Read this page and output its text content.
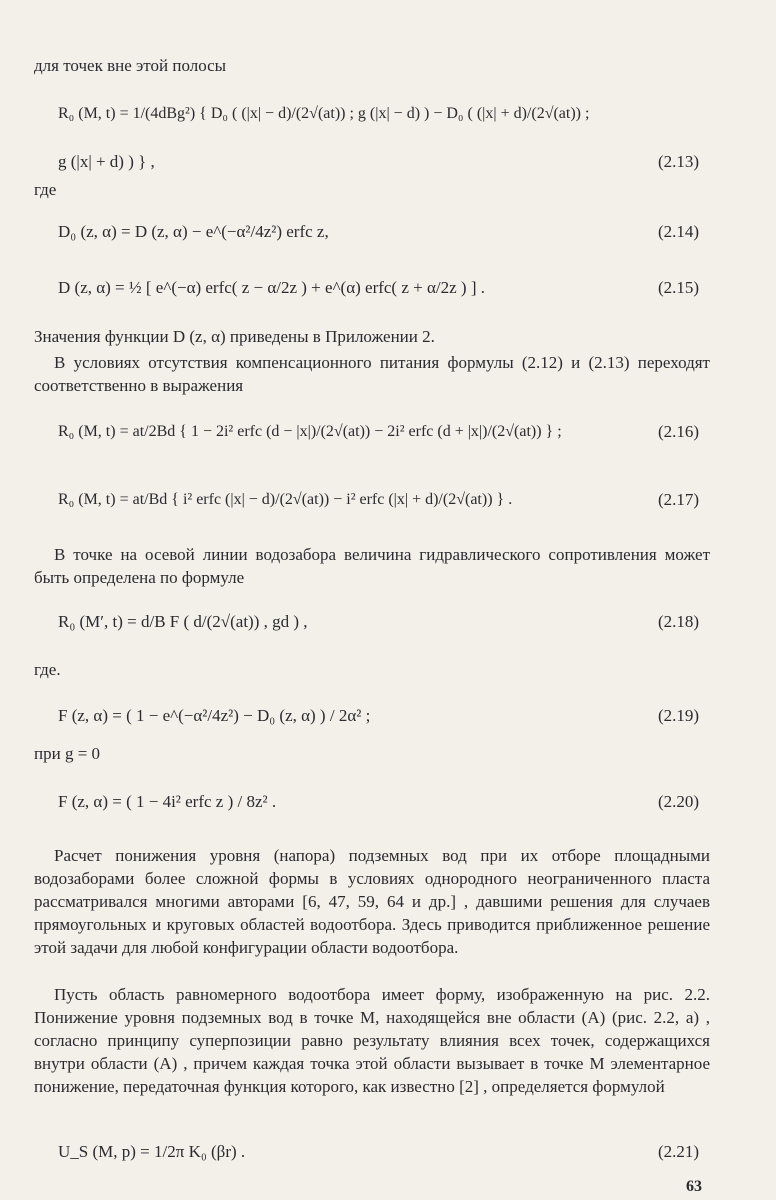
для точек вне этой полосы
R₀ (M, t) = 1/(4dBg²) { D₀ ( (|x| − d)/(2√(at)) ; g (|x| − d) ) − D₀ ( (|x| + d)/(2√(at)) ;
g (|x| + d) ) } ,	(2.13)
где
D₀ (z, α) = D (z, α) − e^(−α²/4z²) erfc z,	(2.14)
D (z, α) = ½ [ e^(−α) erfc( z − α/2z ) + e^(α) erfc( z + α/2z ) ] .	(2.15)
Значения функции D (z, α) приведены в Приложении 2.
В условиях отсутствия компенсационного питания формулы (2.12) и (2.13) переходят соответственно в выражения
R₀ (M, t) = at/2Bd { 1 − 2i² erfc (d − |x|)/(2√(at)) − 2i² erfc (d + |x|)/(2√(at)) } ;	(2.16)
R₀ (M, t) = at/Bd { i² erfc (|x| − d)/(2√(at)) − i² erfc (|x| + d)/(2√(at)) } .	(2.17)
В точке на осевой линии водозабора величина гидравлического сопротивления может быть определена по формуле
R₀ (M′, t) = d/B F ( d/(2√(at)) , gd ) ,	(2.18)
где.
F (z, α) = ( 1 − e^(−α²/4z²) − D₀ (z, α) ) / 2α² ;	(2.19)
при g = 0
F (z, α) = ( 1 − 4i² erfc z ) / 8z² .	(2.20)
Расчет понижения уровня (напора) подземных вод при их отборе площадными водозаборами более сложной формы в условиях однородного неограниченного пласта рассматривался многими авторами [6, 47, 59, 64 и др.] , давшими решения для случаев прямоугольных и круговых областей водоотбора. Здесь приводится приближенное решение этой задачи для любой конфигурации области водоотбора.
Пусть область равномерного водоотбора имеет форму, изображенную на рис. 2.2. Понижение уровня подземных вод в точке M, находящейся вне области (A) (рис. 2.2, а) , согласно принципу суперпозиции равно результату влияния всех точек, содержащихся внутри области (A) , причем каждая точка этой области вызывает в точке M элементарное понижение, передаточная функция которого, как известно [2] , определяется формулой
U_S (M, p) = 1/2π K₀ (βr) .	(2.21)
63
